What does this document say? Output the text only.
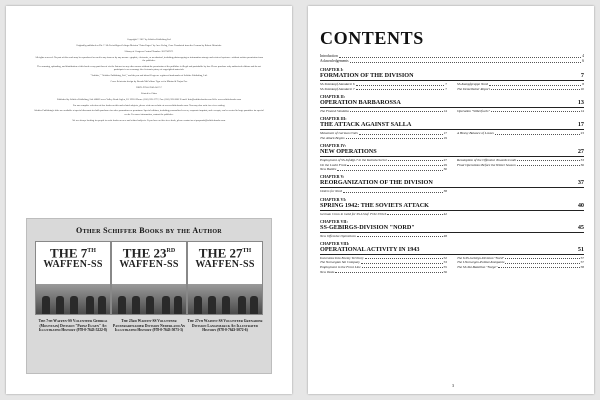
Copyright © 2017 by Schiffer Publishing Ltd.

Originally published as Die 7. SS-Freiwilligen-Gebirgs-Division "Prinz Eugen" by Ares Verlag, Graz. Translated from the German by Robert Heinrichs.

Library of Congress Control Number: 2017947371

All rights reserved. No part of this work may be reproduced or used in any form or by any means—graphic, electronic, or mechanical, including photocopying or information storage and retrieval systems—without written permission from the publisher.

The scanning, uploading, and distribution of this book or any part thereof via the Internet or any other means without the permission of the publisher is illegal and punishable by law. Please purchase only authorized editions and do not participate in or encourage the electronic piracy of copyrighted materials.

"Schiffer," "Schiffer Publishing, Ltd.," and the pen and inkwell logo are registered trademarks of Schiffer Publishing, Ltd.

Cover & interior design by Brenda McCallum. Type set in Minion & Trajan Pro.

ISBN: 978-0-7643-5417-7

Printed in China

Published by Schiffer Publishing, Ltd. 4880 Lower Valley Road Atglen, PA 19310 Phone: (610) 593-1777; Fax: (610) 593-2002 E-mail: Info@schifferbooks.com Web: www.schifferbooks.com

For our complete selection of fine books on this and related subjects, please visit our website at www.schifferbooks.com. You may also write for a free catalog.

Schiffer Publishing's titles are available at special discounts for bulk purchases for sales promotions or premiums. Special editions, including personalized covers, corporate imprints, and excerpts, can be created in large quantities for special needs. For more information, contact the publisher.

We are always looking for people to write books on new and related subjects. If you have an idea for a book, please contact us at proposals@schifferbooks.com.

Other Schiffer Books by the Author
THE 7TH
WAFFEN-SS
The 7th Waffen-SS Volunteer Gebirgs (Mountain) Division "Prinz Eugen" An Illustrated History (978-0-7643-5222-8)
THE 23RD
WAFFEN-SS
The 23rd Waffen-SS Volunteer Panzergrenadier Division Nederland An Illustrated History (978-0-7643-5073-3)
THE 27TH
WAFFEN-SS
The 27th Waffen-SS Volunteer Grenadier Division Langemarck An Illustrated History (978-0-7643-5072-6)
CONTENTS
Introduction	4
Acknowledgements	6
CHAPTER I:
FORMATION OF THE DIVISION	7
SS-Totenkopf-Standarte 6	7	SS-Kampfgruppe Nord	8
SS-Totenkopf-Standarte 7	7	The Demelhuber Report	10
CHAPTER II:
OPERATION BARBAROSSA	13
The Finnish Vendetta	14	Operation "Silberfuchs"	14
CHAPTER III:
THE ATTACK AGAINST SALLA	17
Movement of German Units	17	A Heavy Balance of Losses	23
The Attack Begins	19
CHAPTER IV:
NEW OPERATIONS	27
Employment of SS-Inf.Rgt.7 in the Kairala Sector	27	Resumption of the Offensive Towards Louhi	33
On the Louhi Front	29	Final Operations Before the Winter Season	36
New Battles	30
CHAPTER V:
REORGANIZATION OF THE DIVISION	37
Orders for Nord	38
CHAPTER VI:
SPRING 1942: THE SOVIETS ATTACK	40
German Cross in Gold for SS-Ustuf. Fritz Ulrich	42
CHAPTER VII:
SS-GEBIRGS-DIVISION "NORD"	45
New Offensive Operations	48
CHAPTER VIII:
OPERATIONAL ACTIVITY IN 1943	51
Incursions Into Enemy Territory	52	The 6.SS-Gebirgs-Division "Nord"	57
The Norwegian Ski Company	53	The I.Norwegen-Polizei-Kompanie	57
Employment in the Front Line	55	The SS-Ski-Bataillon "Norge"	58
New Tasks	56
3
